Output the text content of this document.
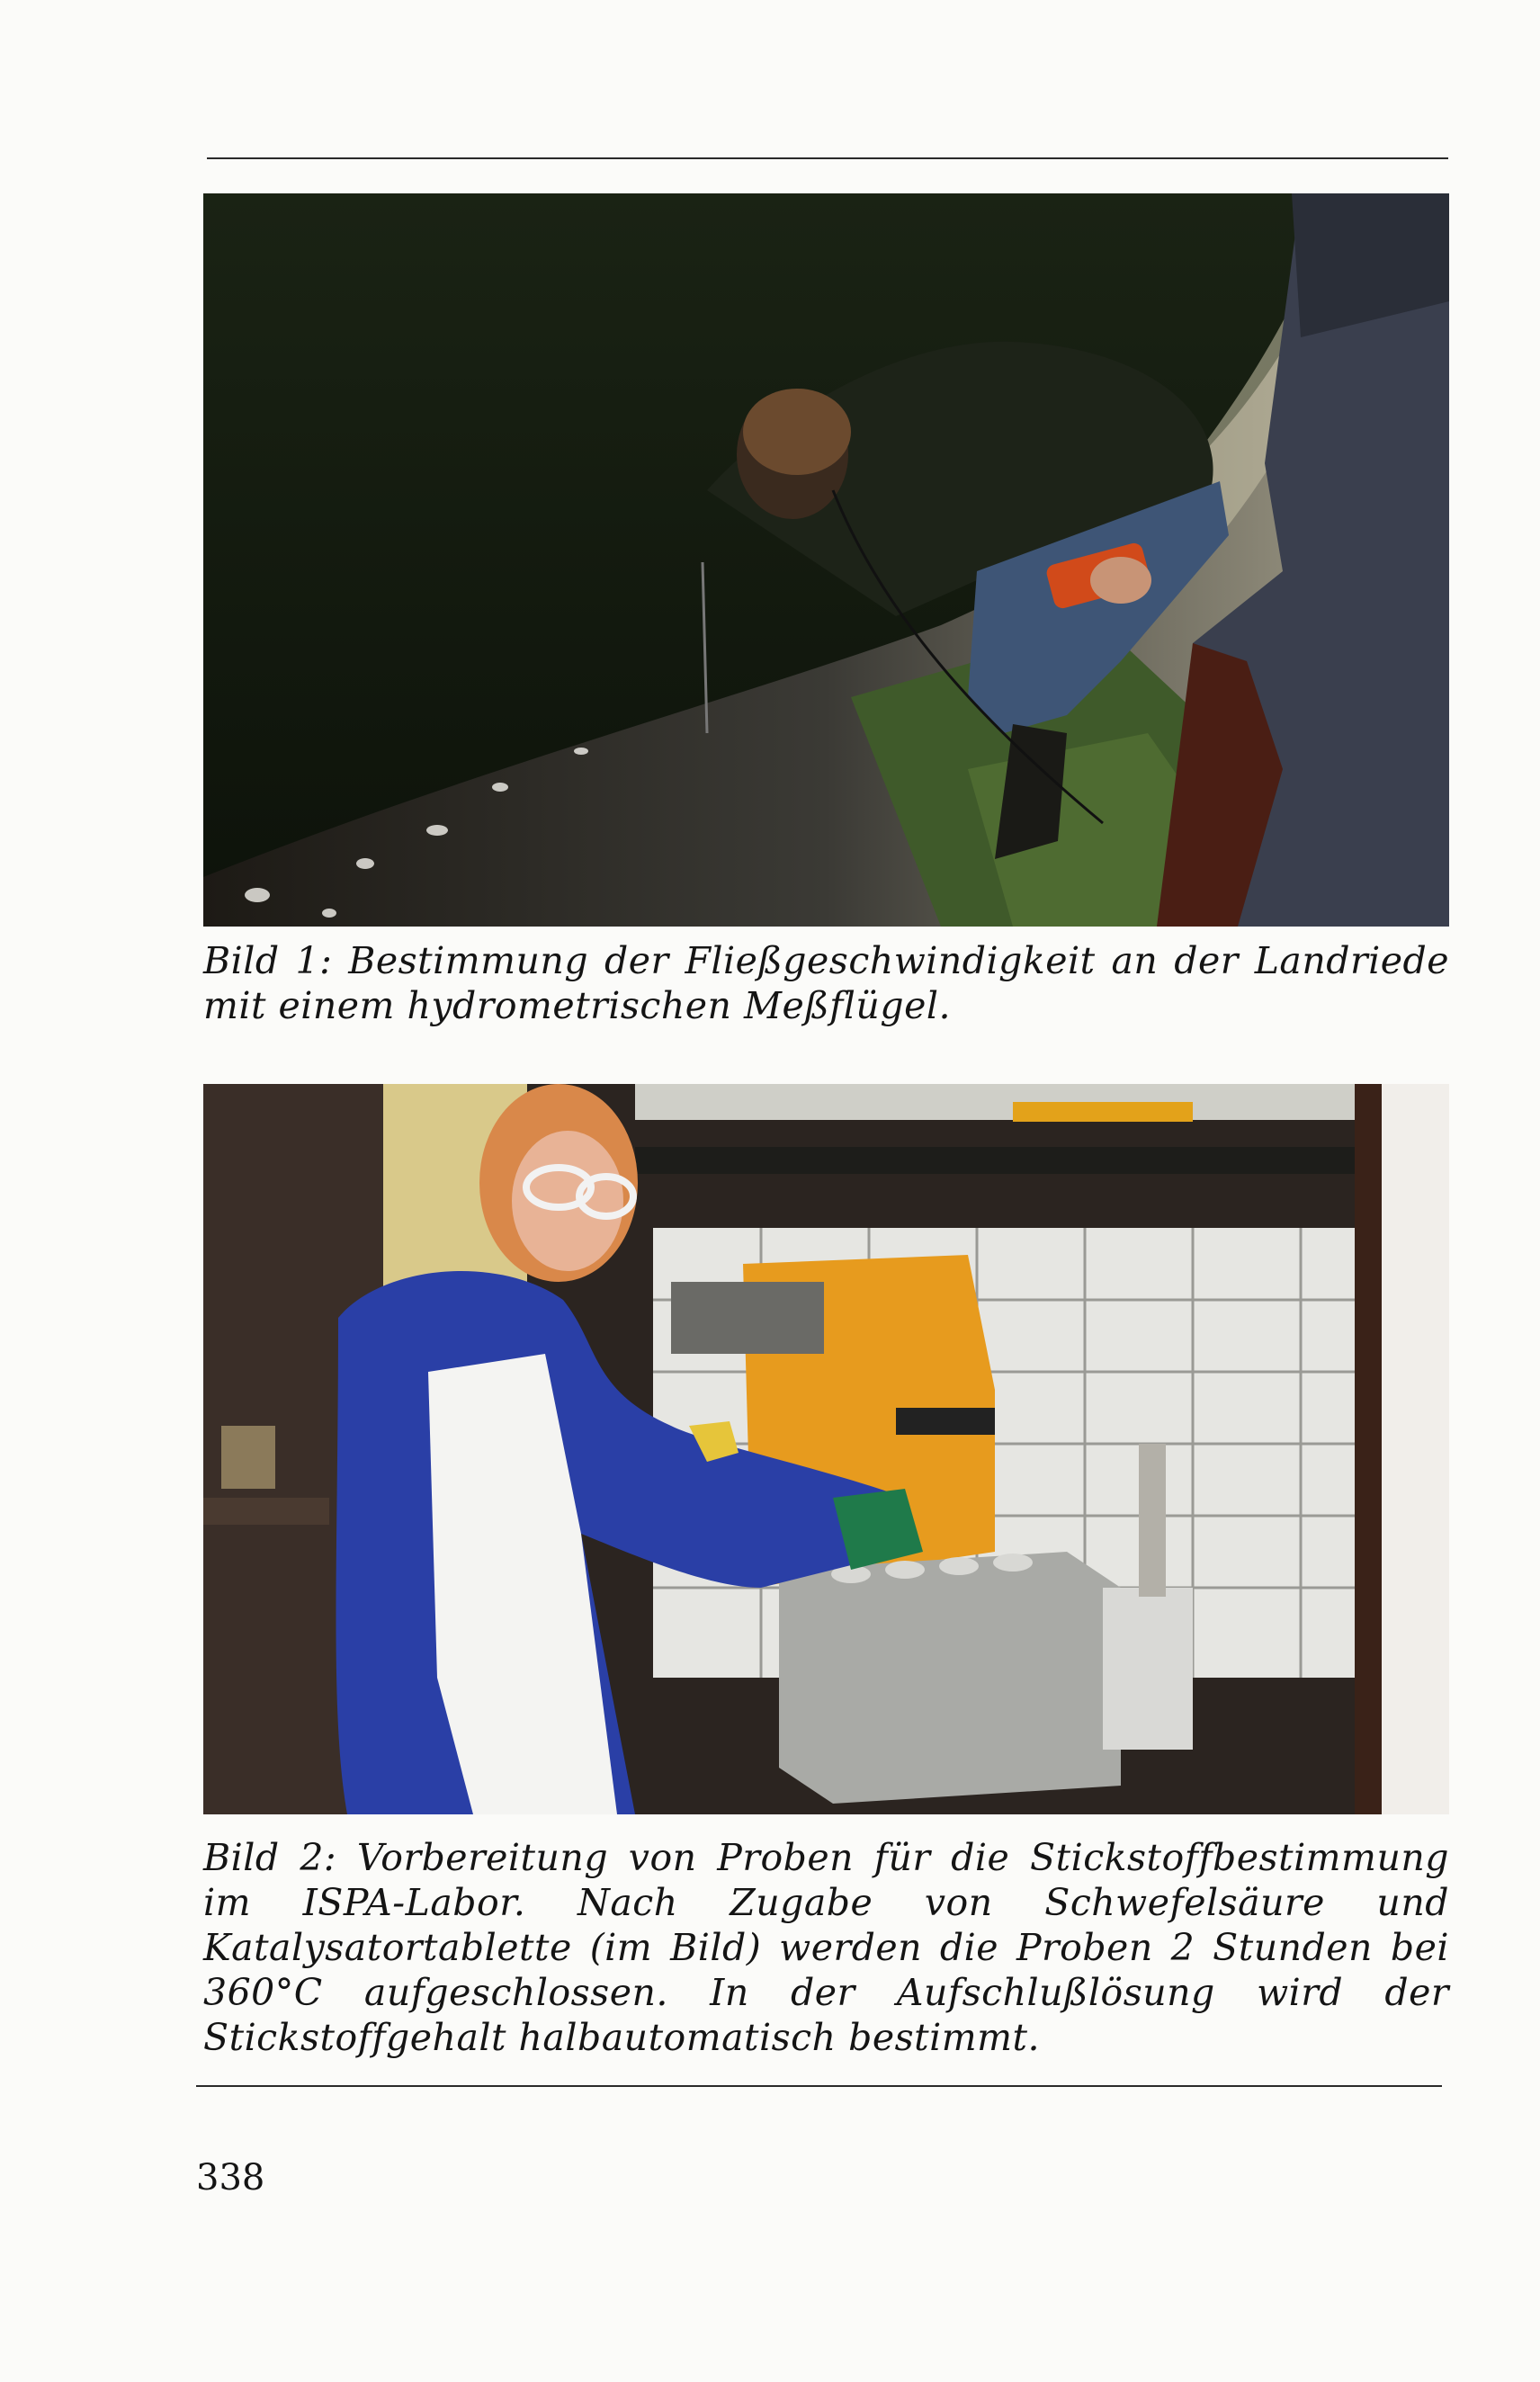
Bild 1: Bestimmung der Fließgeschwindigkeit an der Landriede mit einem hydrometrischen Meßflügel.
Bild 2: Vorbereitung von Proben für die Stickstoffbestimmung im ISPA-Labor. Nach Zugabe von Schwefelsäure und Katalysatortablette (im Bild) werden die Proben 2 Stunden bei 360°C aufgeschlossen. In der Aufschlußlösung wird der Stickstoffgehalt halbautomatisch bestimmt.
338
